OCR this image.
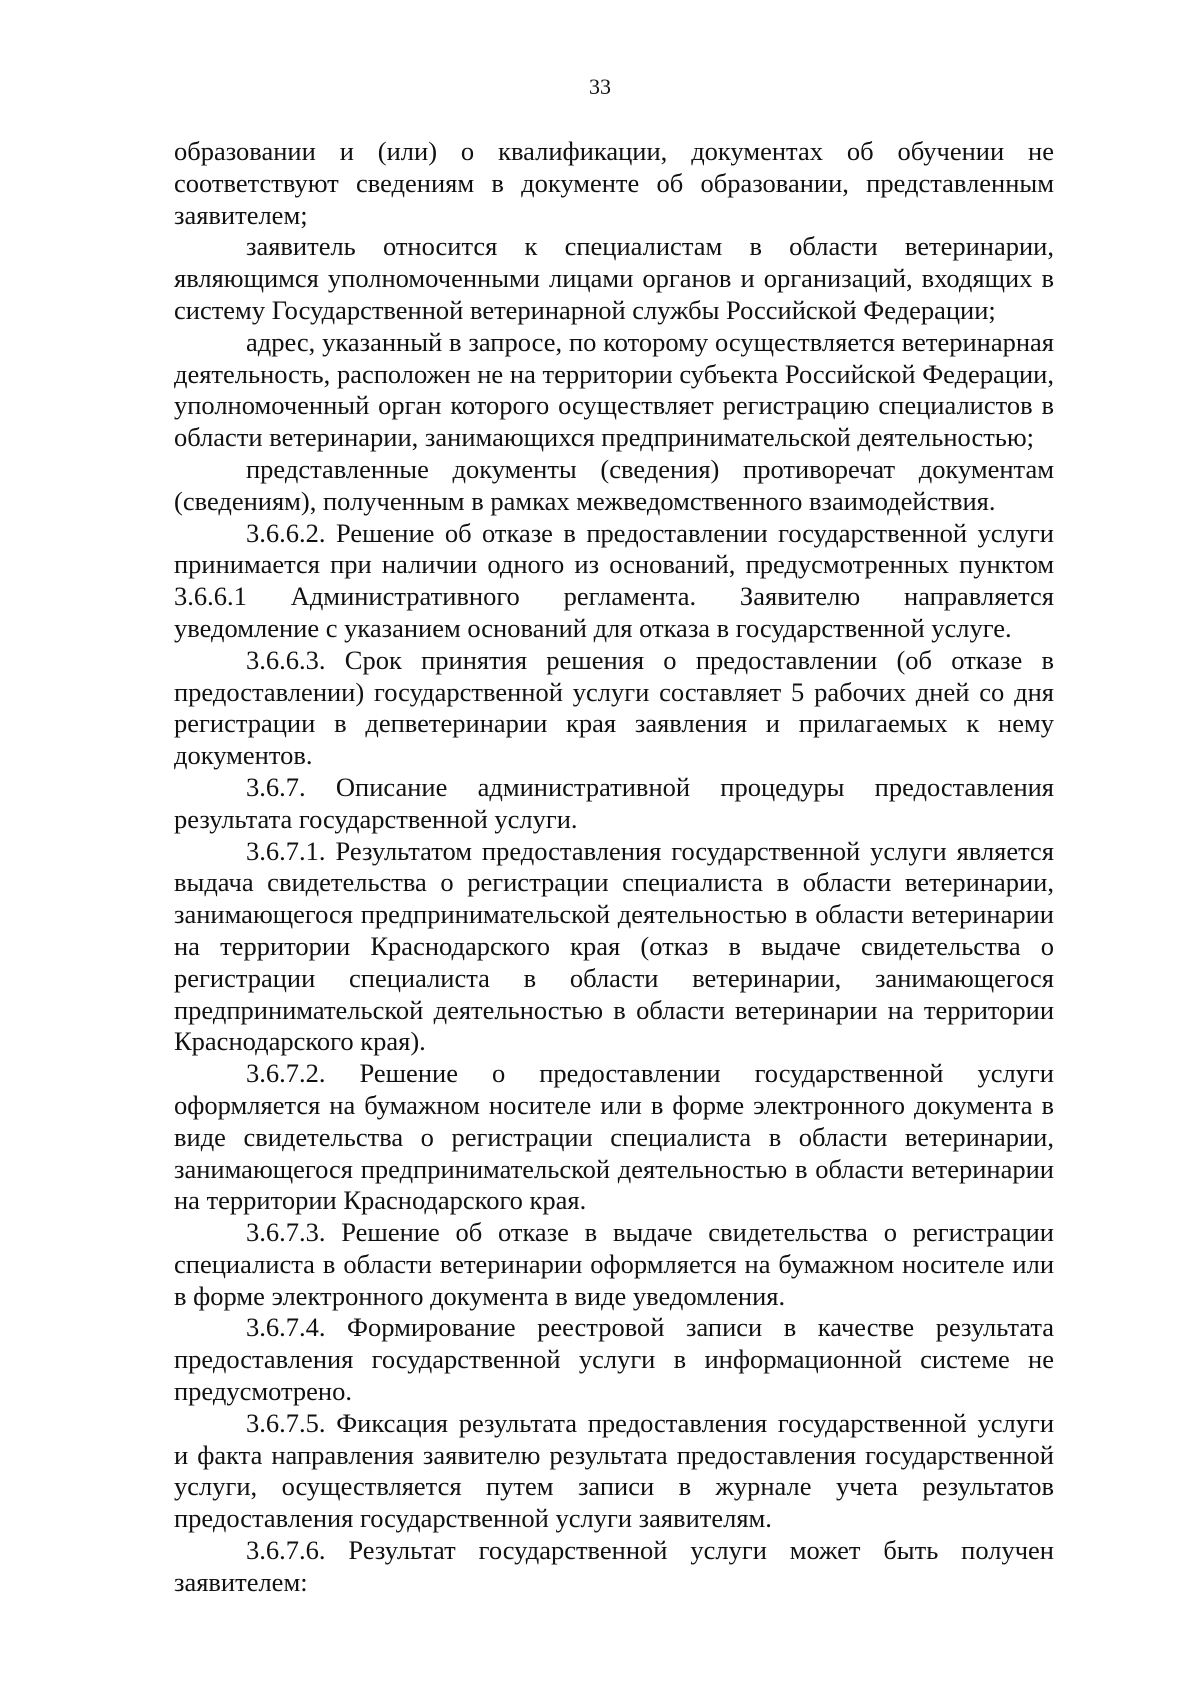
33

образовании и (или) о квалификации, документах об обучении не соответствуют сведениям в документе об образовании, представленным заявителем;

заявитель относится к специалистам в области ветеринарии, являющимся уполномоченными лицами органов и организаций, входящих в систему Государственной ветеринарной службы Российской Федерации;

адрес, указанный в запросе, по которому осуществляется ветеринарная деятельность, расположен не на территории субъекта Российской Федерации, уполномоченный орган которого осуществляет регистрацию специалистов в области ветеринарии, занимающихся предпринимательской деятельностью;

представленные документы (сведения) противоречат документам (сведениям), полученным в рамках межведомственного взаимодействия.

3.6.6.2. Решение об отказе в предоставлении государственной услуги принимается при наличии одного из оснований, предусмотренных пунктом 3.6.6.1 Административного регламента. Заявителю направляется уведомление с указанием оснований для отказа в государственной услуге.

3.6.6.3. Срок принятия решения о предоставлении (об отказе в предоставлении) государственной услуги составляет 5 рабочих дней со дня регистрации в депветеринарии края заявления и прилагаемых к нему документов.

3.6.7. Описание административной процедуры предоставления результата государственной услуги.

3.6.7.1. Результатом предоставления государственной услуги является выдача свидетельства о регистрации специалиста в области ветеринарии, занимающегося предпринимательской деятельностью в области ветеринарии на территории Краснодарского края (отказ в выдаче свидетельства о регистрации специалиста в области ветеринарии, занимающегося предпринимательской деятельностью в области ветеринарии на территории Краснодарского края).

3.6.7.2. Решение о предоставлении государственной услуги оформляется на бумажном носителе или в форме электронного документа в виде свидетельства о регистрации специалиста в области ветеринарии, занимающегося предпринимательской деятельностью в области ветеринарии на территории Краснодарского края.

3.6.7.3. Решение об отказе в выдаче свидетельства о регистрации специалиста в области ветеринарии оформляется на бумажном носителе или в форме электронного документа в виде уведомления.

3.6.7.4. Формирование реестровой записи в качестве результата предоставления государственной услуги в информационной системе не предусмотрено.

3.6.7.5. Фиксация результата предоставления государственной услуги и факта направления заявителю результата предоставления государственной услуги, осуществляется путем записи в журнале учета результатов предоставления государственной услуги заявителям.

3.6.7.6. Результат государственной услуги может быть получен заявителем:
